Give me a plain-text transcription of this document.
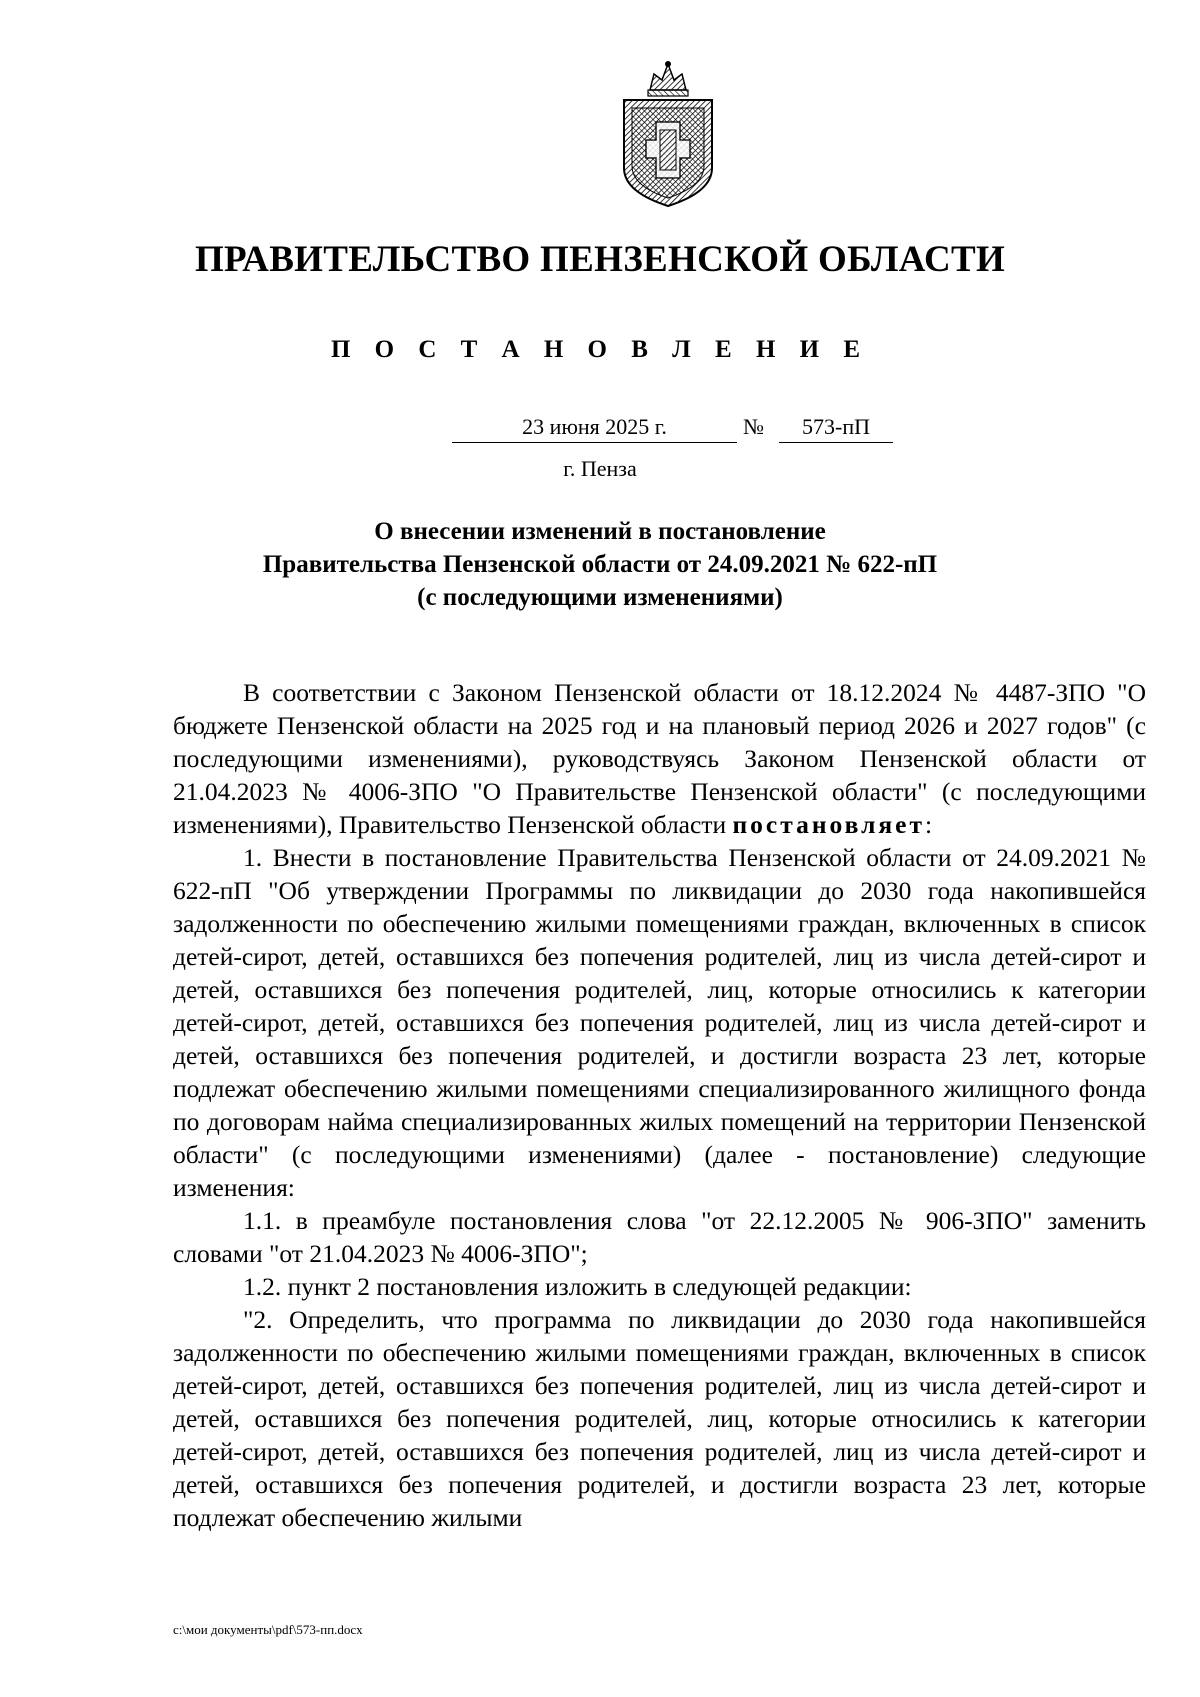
ПРАВИТЕЛЬСТВО ПЕНЗЕНСКОЙ ОБЛАСТИ
П О С Т А Н О В Л Е Н И Е
23 июня 2025 г.	№	573-пП
г. Пенза
О внесении изменений в постановление
Правительства Пензенской области от 24.09.2021 № 622-пП
(с последующими изменениями)

В соответствии с Законом Пензенской области от 18.12.2024 № 4487-ЗПО "О бюджете Пензенской области на 2025 год и на плановый период 2026 и 2027 годов" (с последующими изменениями), руководствуясь Законом Пензенской области от 21.04.2023 № 4006-ЗПО "О Правительстве Пензенской области" (с последующими изменениями), Правительство Пензенской области постановляет:

1. Внести в постановление Правительства Пензенской области от 24.09.2021 № 622-пП "Об утверждении Программы по ликвидации до 2030 года накопившейся задолженности по обеспечению жилыми помещениями граждан, включенных в список детей-сирот, детей, оставшихся без попечения родителей, лиц из числа детей-сирот и детей, оставшихся без попечения родителей, лиц, которые относились к категории детей-сирот, детей, оставшихся без попечения родителей, лиц из числа детей-сирот и детей, оставшихся без попечения родителей, и достигли возраста 23 лет, которые подлежат обеспечению жилыми помещениями специализированного жилищного фонда по договорам найма специализированных жилых помещений на территории Пензенской области" (с последующими изменениями) (далее - постановление) следующие изменения:

1.1. в преамбуле постановления слова "от 22.12.2005 № 906-ЗПО" заменить словами "от 21.04.2023 № 4006-ЗПО";

1.2. пункт 2 постановления изложить в следующей редакции:

"2. Определить, что программа по ликвидации до 2030 года накопившейся задолженности по обеспечению жилыми помещениями граждан, включенных в список детей-сирот, детей, оставшихся без попечения родителей, лиц из числа детей-сирот и детей, оставшихся без попечения родителей, лиц, которые относились к категории детей-сирот, детей, оставшихся без попечения родителей, лиц из числа детей-сирот и детей, оставшихся без попечения родителей, и достигли возраста 23 лет, которые подлежат обеспечению жилыми

c:\мои документы\pdf\573-пп.docx
